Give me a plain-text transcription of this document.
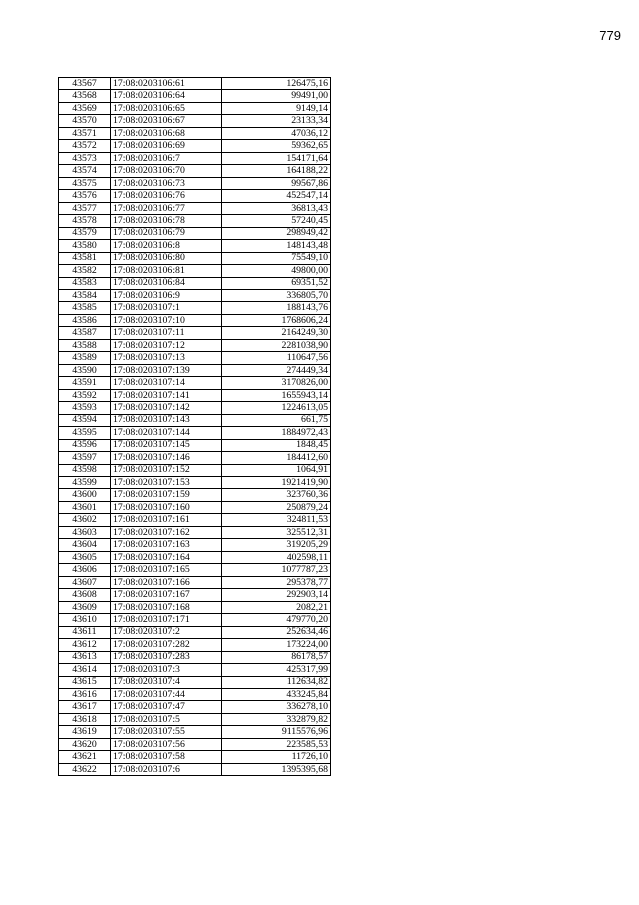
779
43567	17:08:0203106:61	126475,16
43568	17:08:0203106:64	99491,00
43569	17:08:0203106:65	9149,14
43570	17:08:0203106:67	23133,34
43571	17:08:0203106:68	47036,12
43572	17:08:0203106:69	59362,65
43573	17:08:0203106:7	154171,64
43574	17:08:0203106:70	164188,22
43575	17:08:0203106:73	99567,86
43576	17:08:0203106:76	452547,14
43577	17:08:0203106:77	36813,43
43578	17:08:0203106:78	57240,45
43579	17:08:0203106:79	298949,42
43580	17:08:0203106:8	148143,48
43581	17:08:0203106:80	75549,10
43582	17:08:0203106:81	49800,00
43583	17:08:0203106:84	69351,52
43584	17:08:0203106:9	336805,70
43585	17:08:0203107:1	188143,76
43586	17:08:0203107:10	1768606,24
43587	17:08:0203107:11	2164249,30
43588	17:08:0203107:12	2281038,90
43589	17:08:0203107:13	110647,56
43590	17:08:0203107:139	274449,34
43591	17:08:0203107:14	3170826,00
43592	17:08:0203107:141	1655943,14
43593	17:08:0203107:142	1224613,05
43594	17:08:0203107:143	661,75
43595	17:08:0203107:144	1884972,43
43596	17:08:0203107:145	1848,45
43597	17:08:0203107:146	184412,60
43598	17:08:0203107:152	1064,91
43599	17:08:0203107:153	1921419,90
43600	17:08:0203107:159	323760,36
43601	17:08:0203107:160	250879,24
43602	17:08:0203107:161	324811,53
43603	17:08:0203107:162	325512,31
43604	17:08:0203107:163	319205,29
43605	17:08:0203107:164	402598,11
43606	17:08:0203107:165	1077787,23
43607	17:08:0203107:166	295378,77
43608	17:08:0203107:167	292903,14
43609	17:08:0203107:168	2082,21
43610	17:08:0203107:171	479770,20
43611	17:08:0203107:2	252634,46
43612	17:08:0203107:282	173224,00
43613	17:08:0203107:283	86178,57
43614	17:08:0203107:3	425317,99
43615	17:08:0203107:4	112634,82
43616	17:08:0203107:44	433245,84
43617	17:08:0203107:47	336278,10
43618	17:08:0203107:5	332879,82
43619	17:08:0203107:55	9115576,96
43620	17:08:0203107:56	223585,53
43621	17:08:0203107:58	11726,10
43622	17:08:0203107:6	1395395,68
